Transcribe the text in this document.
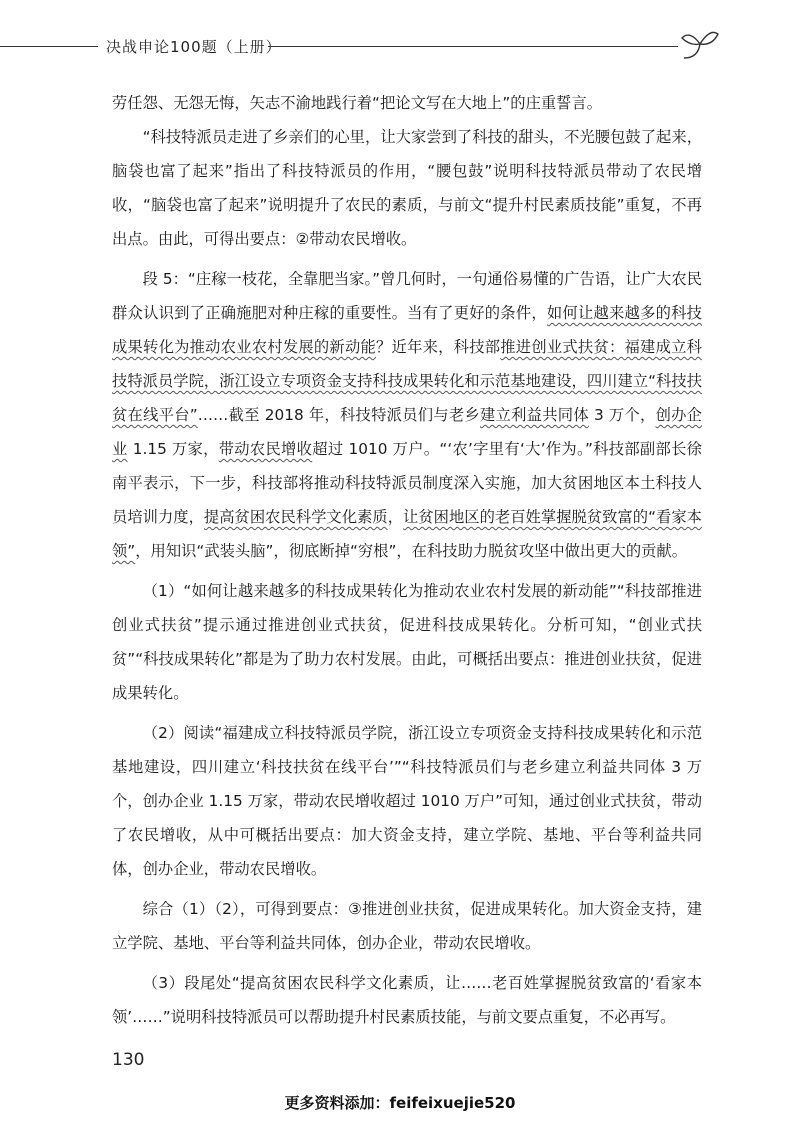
决战申论100题（上册）

劳任怨、无怨无悔，矢志不渝地践行着“把论文写在大地上”的庄重誓言。

“科技特派员走进了乡亲们的心里，让大家尝到了科技的甜头，不光腰包鼓了起来，脑袋也富了起来”指出了科技特派员的作用，“腰包鼓”说明科技特派员带动了农民增收，“脑袋也富了起来”说明提升了农民的素质，与前文“提升村民素质技能”重复，不再出点。由此，可得出要点：②带动农民增收。

段 5：“庄稼一枝花，全靠肥当家。”曾几何时，一句通俗易懂的广告语，让广大农民群众认识到了正确施肥对种庄稼的重要性。当有了更好的条件，如何让越来越多的科技成果转化为推动农业农村发展的新动能？近年来，科技部推进创业式扶贫：福建成立科技特派员学院，浙江设立专项资金支持科技成果转化和示范基地建设，四川建立“科技扶贫在线平台”……截至 2018 年，科技特派员们与老乡建立利益共同体 3 万个，创办企业 1.15 万家，带动农民增收超过 1010 万户。“‘农’字里有‘大’作为。”科技部副部长徐南平表示，下一步，科技部将推动科技特派员制度深入实施，加大贫困地区本土科技人员培训力度，提高贫困农民科学文化素质，让贫困地区的老百姓掌握脱贫致富的“看家本领”，用知识“武装头脑”，彻底断掉“穷根”，在科技助力脱贫攻坚中做出更大的贡献。

（1）“如何让越来越多的科技成果转化为推动农业农村发展的新动能”“科技部推进创业式扶贫”提示通过推进创业式扶贫，促进科技成果转化。分析可知，“创业式扶贫”“科技成果转化”都是为了助力农村发展。由此，可概括出要点：推进创业扶贫，促进成果转化。

（2）阅读“福建成立科技特派员学院，浙江设立专项资金支持科技成果转化和示范基地建设，四川建立‘科技扶贫在线平台’”“科技特派员们与老乡建立利益共同体 3 万个，创办企业 1.15 万家，带动农民增收超过 1010 万户”可知，通过创业式扶贫，带动了农民增收，从中可概括出要点：加大资金支持，建立学院、基地、平台等利益共同体，创办企业，带动农民增收。

综合（1）（2），可得到要点：③推进创业扶贫，促进成果转化。加大资金支持，建立学院、基地、平台等利益共同体，创办企业，带动农民增收。

（3）段尾处“提高贫困农民科学文化素质，让……老百姓掌握脱贫致富的‘看家本领’……”说明科技特派员可以帮助提升村民素质技能，与前文要点重复，不必再写。

130
更多资料添加：feifeixuejie520
